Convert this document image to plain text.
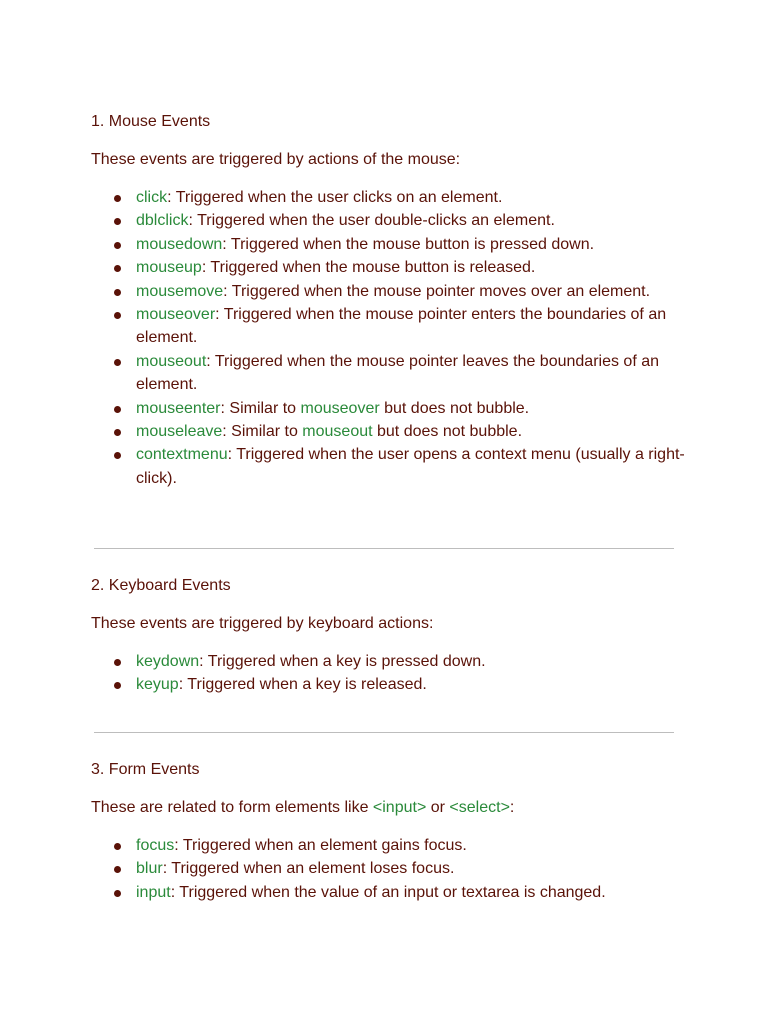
1. Mouse Events

These events are triggered by actions of the mouse:

click: Triggered when the user clicks on an element.
dblclick: Triggered when the user double-clicks an element.
mousedown: Triggered when the mouse button is pressed down.
mouseup: Triggered when the mouse button is released.
mousemove: Triggered when the mouse pointer moves over an element.
mouseover: Triggered when the mouse pointer enters the boundaries of an element.
mouseout: Triggered when the mouse pointer leaves the boundaries of an element.
mouseenter: Similar to mouseover but does not bubble.
mouseleave: Similar to mouseout but does not bubble.
contextmenu: Triggered when the user opens a context menu (usually a right-click).

2. Keyboard Events

These events are triggered by keyboard actions:

keydown: Triggered when a key is pressed down.
keyup: Triggered when a key is released.

3. Form Events

These are related to form elements like <input> or <select>:

focus: Triggered when an element gains focus.
blur: Triggered when an element loses focus.
input: Triggered when the value of an input or textarea is changed.
